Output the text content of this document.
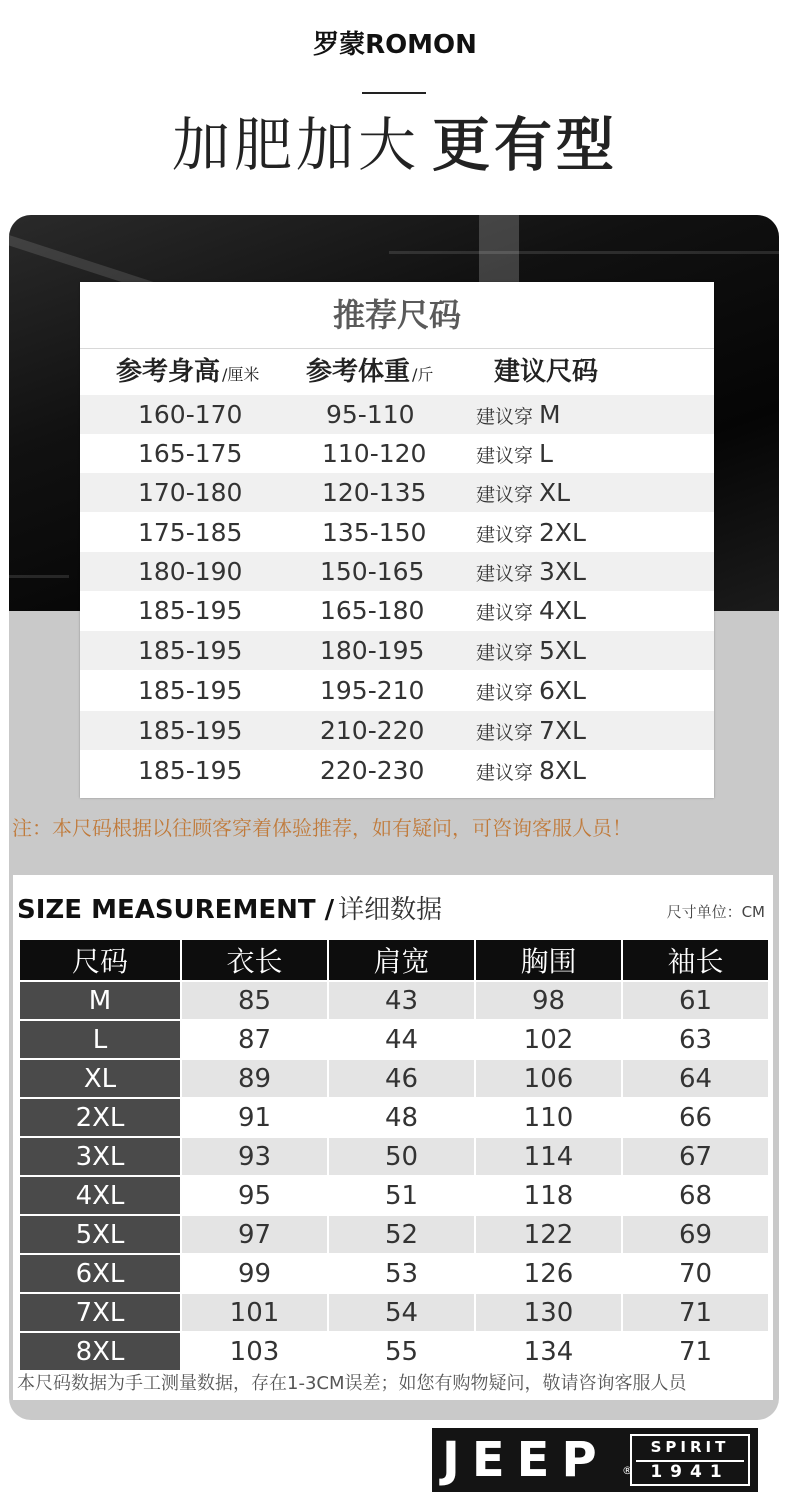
罗蒙ROMON
加肥加大 更有型
推荐尺码
参考身高 /厘米 参考体重 /斤 建议尺码
160-170	95-110	建议穿 M
165-175	110-120	建议穿 L
170-180	120-135	建议穿 XL
175-185	135-150	建议穿 2XL
180-190	150-165	建议穿 3XL
185-195	165-180	建议穿 4XL
185-195	180-195	建议穿 5XL
185-195	195-210	建议穿 6XL
185-195	210-220	建议穿 7XL
185-195	220-230	建议穿 8XL
注：本尺码根据以往顾客穿着体验推荐，如有疑问，可咨询客服人员！
SIZE MEASUREMENT / 详细数据	尺寸单位：CM
尺码	衣长	肩宽	胸围	袖长
M	85	43	98	61
L	87	44	102	63
XL	89	46	106	64
2XL	91	48	110	66
3XL	93	50	114	67
4XL	95	51	118	68
5XL	97	52	122	69
6XL	99	53	126	70
7XL	101	54	130	71
8XL	103	55	134	71
本尺码数据为手工测量数据，存在1-3CM误差；如您有购物疑问，敬请咨询客服人员
JEEP ®
SPIRIT
1941
